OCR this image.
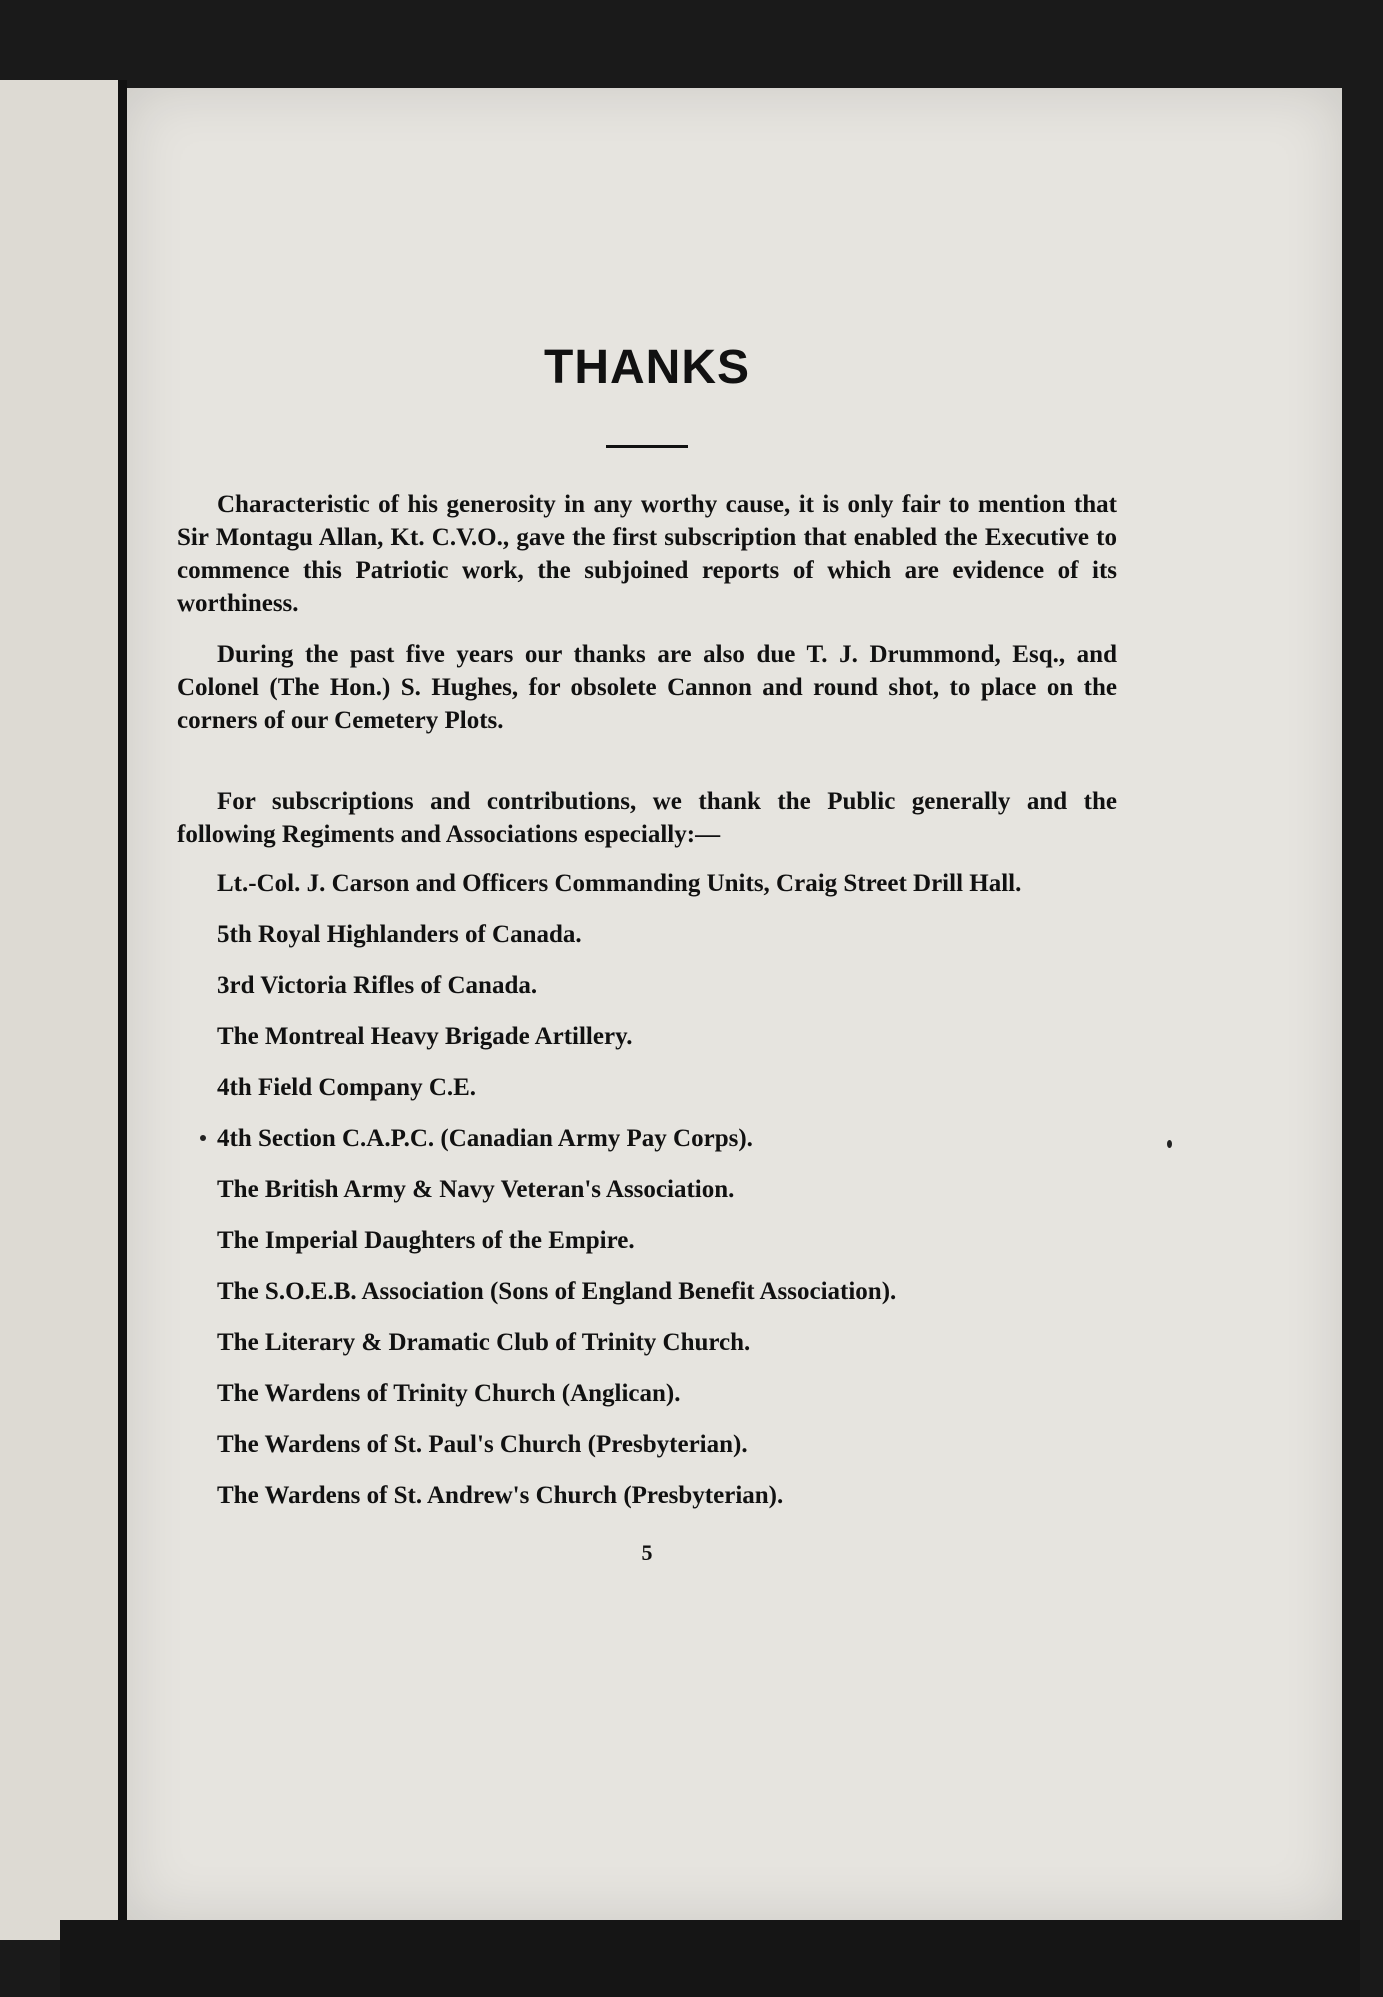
THANKS

Characteristic of his generosity in any worthy cause, it is only fair to mention that Sir Montagu Allan, Kt. C.V.O., gave the first subscription that enabled the Executive to commence this Patriotic work, the subjoined reports of which are evidence of its worthiness.

During the past five years our thanks are also due T. J. Drummond, Esq., and Colonel (The Hon.) S. Hughes, for obsolete Cannon and round shot, to place on the corners of our Cemetery Plots.

For subscriptions and contributions, we thank the Public generally and the following Regiments and Associations especially:—

Lt.-Col. J. Carson and Officers Commanding Units, Craig Street Drill Hall.

5th Royal Highlanders of Canada.

3rd Victoria Rifles of Canada.

The Montreal Heavy Brigade Artillery.

4th Field Company C.E.

4th Section C.A.P.C. (Canadian Army Pay Corps).

The British Army & Navy Veteran's Association.

The Imperial Daughters of the Empire.

The S.O.E.B. Association (Sons of England Benefit Association).

The Literary & Dramatic Club of Trinity Church.

The Wardens of Trinity Church (Anglican).

The Wardens of St. Paul's Church (Presbyterian).

The Wardens of St. Andrew's Church (Presbyterian).

5
